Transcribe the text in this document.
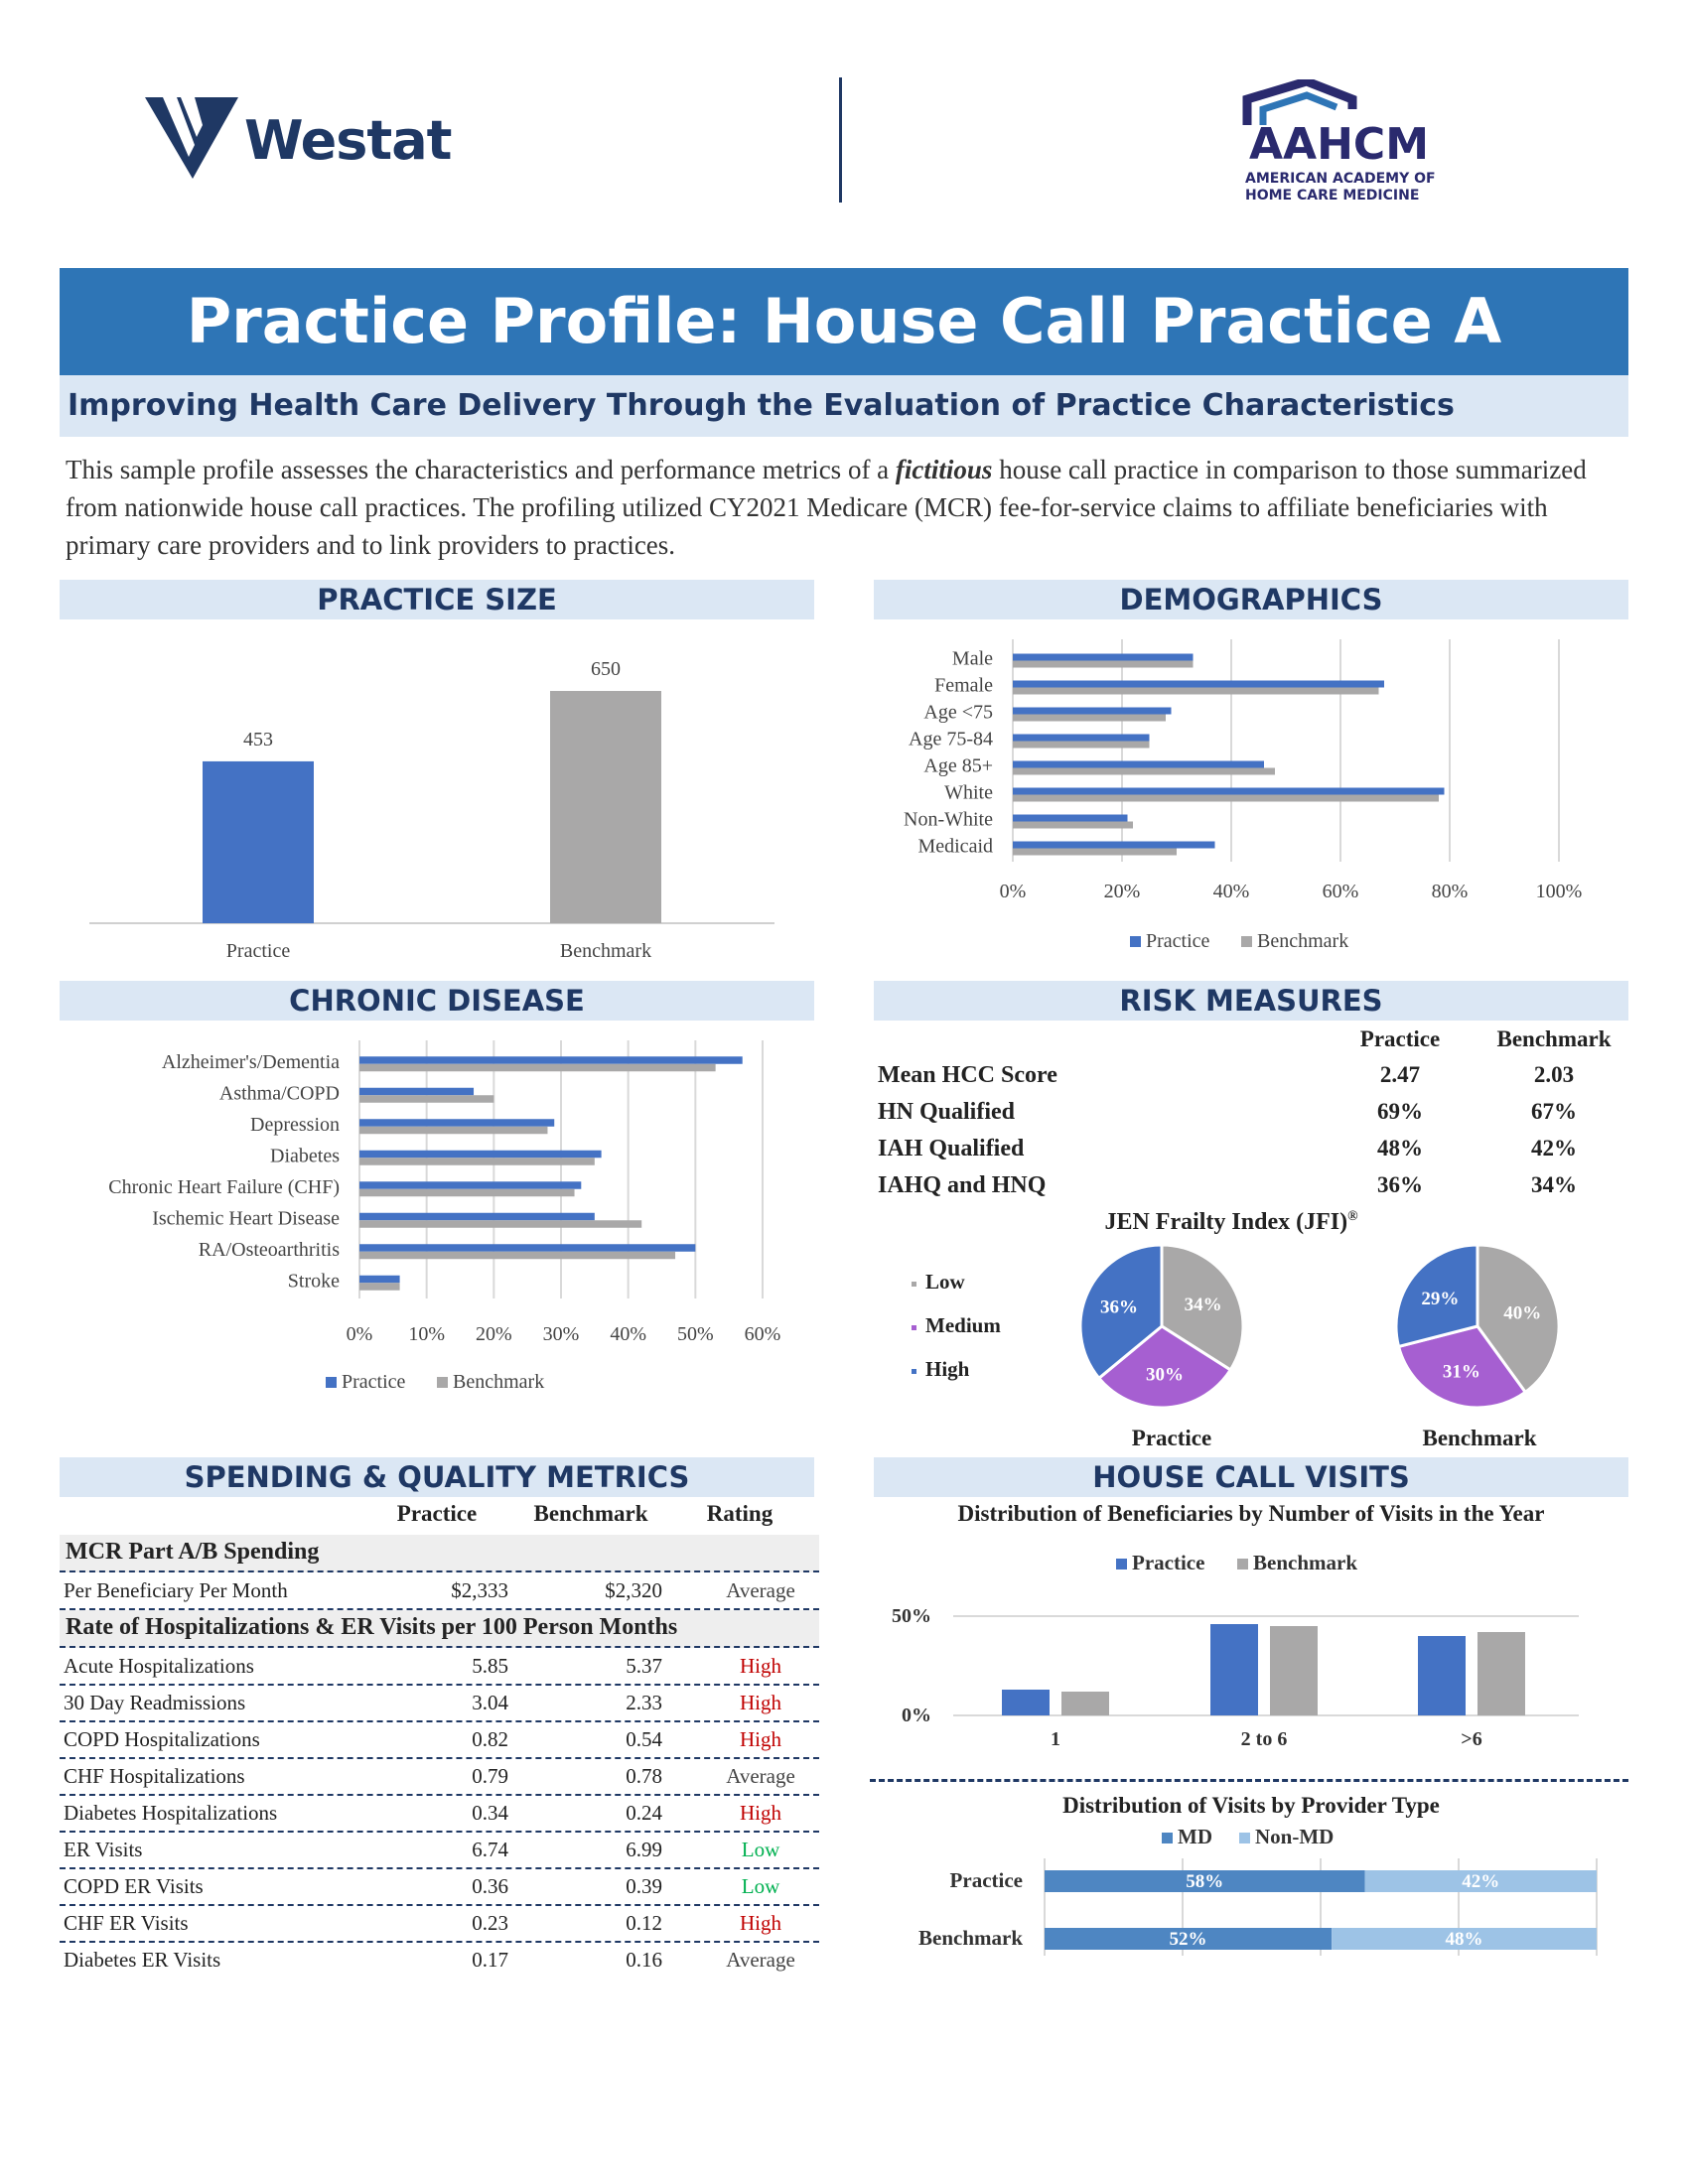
Westat	AAHCM
AMERICAN ACADEMY OF
HOME CARE MEDICINE
Practice Profile: House Call Practice A
Improving Health Care Delivery Through the Evaluation of Practice Characteristics
This sample profile assesses the characteristics and performance metrics of a fictitious house call practice in comparison to those summarized from nationwide house call practices. The profiling utilized CY2021 Medicare (MCR) fee-for-service claims to affiliate beneficiaries with primary care providers and to link providers to practices.
PRACTICE SIZE	DEMOGRAPHICS
453
Practice
650
Benchmark
0%	20%	40%	60%	80%	100%
Male
Female
Age <75
Age 75-84
Age 85+
White
Non-White
Medicaid
Practice Benchmark
CHRONIC DISEASE	RISK MEASURES
0% 10% 20% 30% 40% 50% 60%
Alzheimer's/Dementia
Asthma/COPD
Depression
Diabetes
Chronic Heart Failure (CHF)
Ischemic Heart Disease
RA/Osteoarthritis
Stroke
Practice Benchmark
Practice	Benchmark
Mean HCC Score	2.47	2.03
HN Qualified	69%	67%
IAH Qualified	48%	42%
IAHQ and HNQ	36%	34%
JEN Frailty Index (JFI)®
Low
Medium
High
34%
30%
36%	40%
31%
29%
Practice	Benchmark
SPENDING & QUALITY METRICS	HOUSE CALL VISITS
Practice	Benchmark	Rating
MCR Part A/B Spending
Per Beneficiary Per Month	$2,333	$2,320	Average
Rate of Hospitalizations & ER Visits per 100 Person Months
Acute Hospitalizations	5.85	5.37	High
30 Day Readmissions	3.04	2.33	High
COPD Hospitalizations	0.82	0.54	High
CHF Hospitalizations	0.79	0.78	Average
Diabetes Hospitalizations	0.34	0.24	High
ER Visits	6.74	6.99	Low
COPD ER Visits	0.36	0.39	Low
CHF ER Visits	0.23	0.12	High
Diabetes ER Visits	0.17	0.16	Average
Distribution of Beneficiaries by Number of Visits in the Year
Practice Benchmark
50%
0%
1	2 to 6	>6
Distribution of Visits by Provider Type
MD Non-MD
Practice	58%	42%
Benchmark	52%	48%
